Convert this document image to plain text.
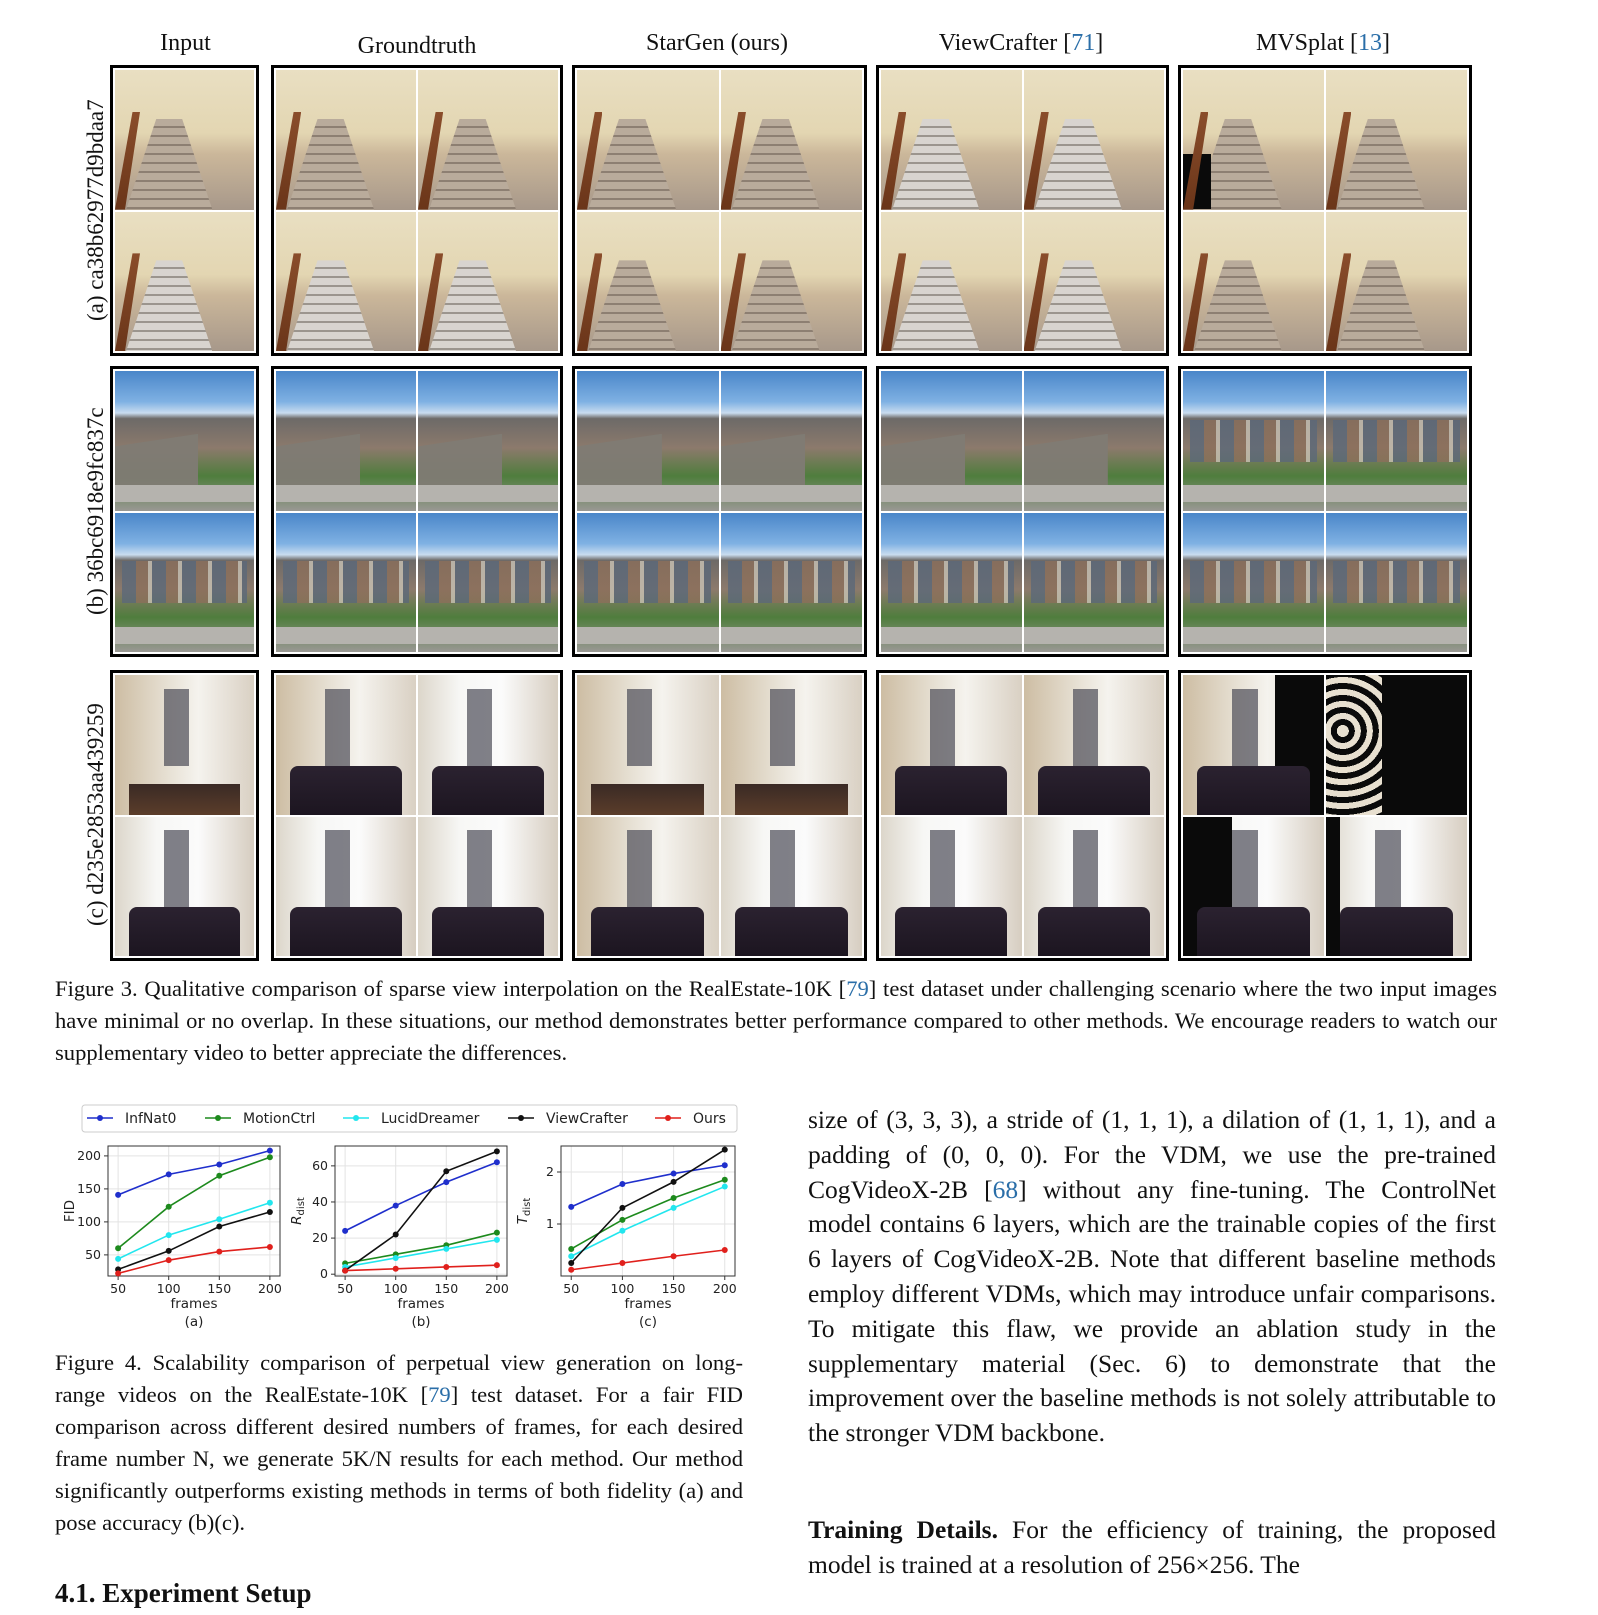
Input	Groundtruth	StarGen (ours)	ViewCrafter [71]	MVSplat [13]
(a) ca38b62977d9bdaa7
(b) 36bc6918e9fc837c
(c) d235e2853aa439259
Figure 3. Qualitative comparison of sparse view interpolation on the RealEstate-10K [79] test dataset under challenging scenario where the two input images have minimal or no overlap. In these situations, our method demonstrates better performance compared to other methods. We encourage readers to watch our supplementary video to better appreciate the differences.
InfNat0	MotionCtrl	LucidDreamer	ViewCrafter	Ours
50 100 150 200
50
100
150
200
frames
(a)
FID
50 100 150 200
0
20
40
60
frames
(b)
$R_{dist}$
50	100 150 200
1
2
frames
(c)
$T_{dist}$
Figure 4. Scalability comparison of perpetual view generation on long-range videos on the RealEstate-10K [79] test dataset. For a fair FID comparison across different desired numbers of frames, for each desired frame number N, we generate 5K/N results for each method. Our method significantly outperforms existing methods in terms of both fidelity (a) and pose accuracy (b)(c).
4.1. Experiment Setup
size of (3, 3, 3), a stride of (1, 1, 1), a dilation of (1, 1, 1), and a padding of (0, 0, 0). For the VDM, we use the pre-trained CogVideoX-2B [68] without any fine-tuning. The ControlNet model contains 6 layers, which are the trainable copies of the first 6 layers of CogVideoX-2B. Note that different baseline methods employ different VDMs, which may introduce unfair comparisons. To mitigate this flaw, we provide an ablation study in the supplementary material (Sec. 6) to demonstrate that the improvement over the baseline methods is not solely attributable to the stronger VDM backbone.
Training Details. For the efficiency of training, the proposed model is trained at a resolution of 256×256. The
